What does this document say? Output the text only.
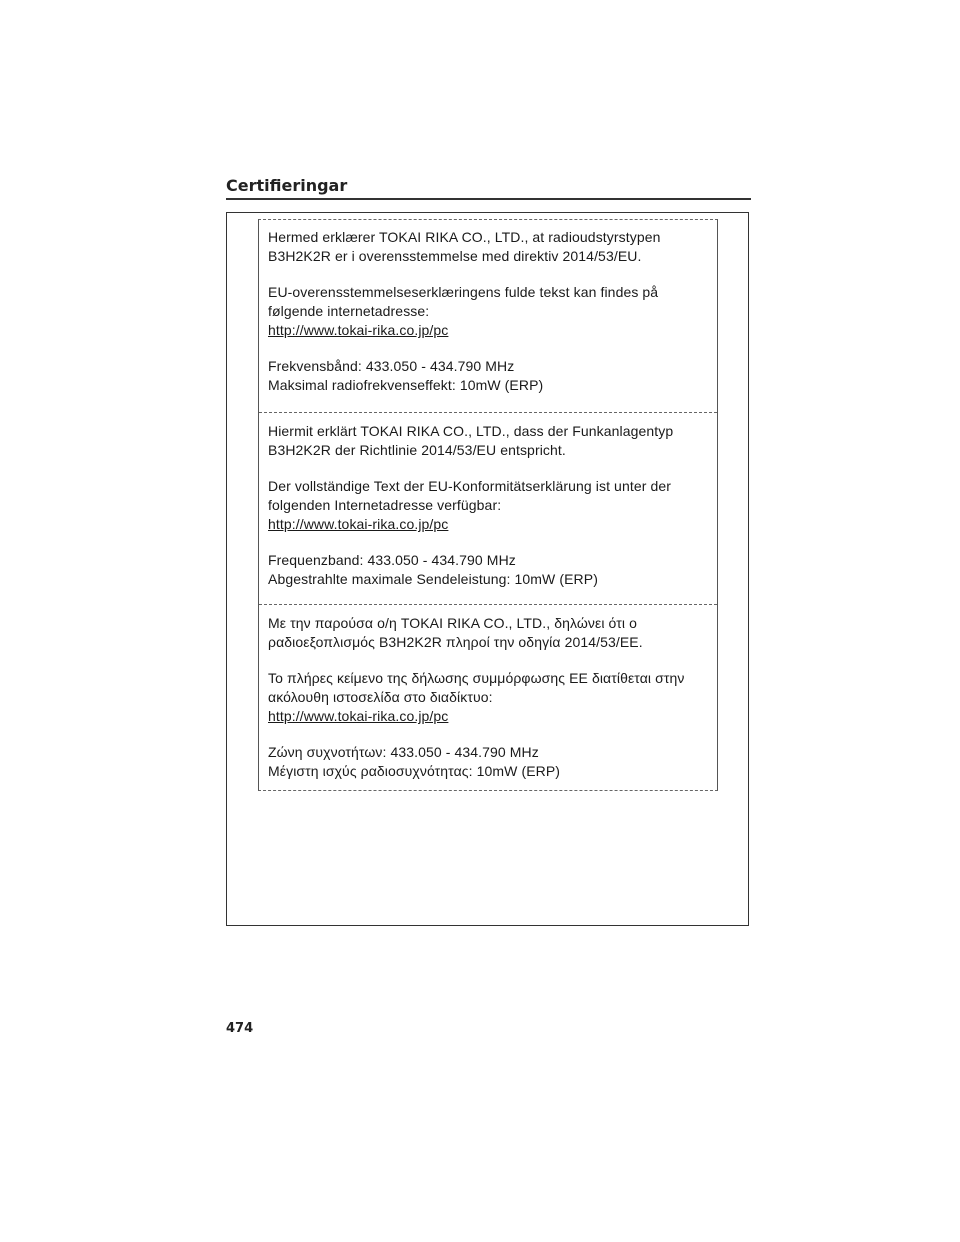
Certifieringar
Hermed erklærer TOKAI RIKA CO., LTD., at radioudstyrstypen
B3H2K2R er i overensstemmelse med direktiv 2014/53/EU.
EU-overensstemmelseserklæringens fulde tekst kan findes på
følgende internetadresse:
http://www.tokai-rika.co.jp/pc
Frekvensbånd: 433.050 - 434.790 MHz
Maksimal radiofrekvenseffekt: 10mW (ERP)
Hiermit erklärt TOKAI RIKA CO., LTD., dass der Funkanlagentyp
B3H2K2R der Richtlinie 2014/53/EU entspricht.
Der vollständige Text der EU-Konformitätserklärung ist unter der
folgenden Internetadresse verfügbar:
http://www.tokai-rika.co.jp/pc
Frequenzband: 433.050 - 434.790 MHz
Abgestrahlte maximale Sendeleistung: 10mW (ERP)
Με την παρούσα ο/η TOKAI RIKA CO., LTD., δηλώνει ότι ο
ραδιοεξοπλισμός B3H2K2R πληροί την οδηγία 2014/53/ΕΕ.
Το πλήρες κείμενο της δήλωσης συμμόρφωσης ΕΕ διατίθεται στην
ακόλουθη ιστοσελίδα στο διαδίκτυο:
http://www.tokai-rika.co.jp/pc
Ζώνη συχνοτήτων: 433.050 - 434.790 MHz
Μέγιστη ισχύς ραδιοσυχνότητας: 10mW (ERP)
474
